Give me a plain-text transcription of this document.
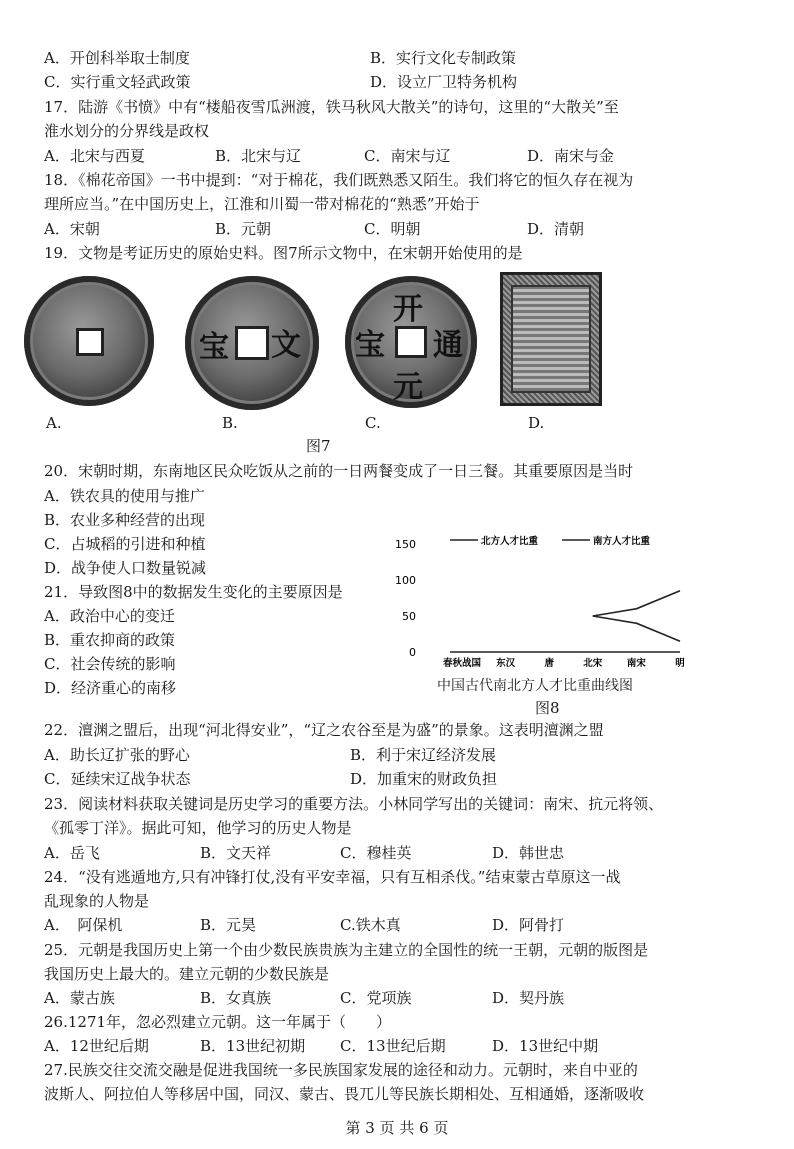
A．开创科举取士制度	B．实行文化专制政策
C．实行重文轻武政策	D．设立厂卫特务机构
17．陆游《书愤》中有“楼船夜雪瓜洲渡，铁马秋风大散关”的诗句，这里的“大散关”至
淮水划分的分界线是政权
A．北宋与西夏	B．北宋与辽	C．南宋与辽	D．南宋与金
18．《棉花帝国》一书中提到：“对于棉花，我们既熟悉又陌生。我们将它的恒久存在视为
理所应当。”在中国历史上，江淮和川蜀一带对棉花的“熟悉”开始于
A．宋朝	B．元朝	C．明朝	D．清朝
19．文物是考证历史的原始史料。图7所示文物中，在宋朝开始使用的是
宝 文
开
通
元
宝
A.	B.	C.	D.
图7
20．宋朝时期，东南地区民众吃饭从之前的一日两餐变成了一日三餐。其重要原因是当时
A．铁农具的使用与推广
B．农业多种经营的出现
C．占城稻的引进和种植
D．战争使人口数量锐减
21．导致图8中的数据发生变化的主要原因是
A．政治中心的变迁
B．重农抑商的政策
C．社会传统的影响
D．经济重心的南移
0
50
100
150	北方人才比重	南方人才比重
春秋战国 东汉	唐	北宋	南宋	明
中国古代南北方人才比重曲线图
图8
22．澶渊之盟后，出现“河北得安业”，“辽之农谷至是为盛”的景象。这表明澶渊之盟
A．助长辽扩张的野心	B．利于宋辽经济发展
C．延续宋辽战争状态	D．加重宋的财政负担
23．阅读材料获取关键词是历史学习的重要方法。小林同学写出的关键词：南宋、抗元将领、
《孤零丁洋》。据此可知，他学习的历史人物是
A．岳飞	B．文天祥	C．穆桂英	D．韩世忠
24．“没有逃遁地方,只有冲锋打仗,没有平安幸福，只有互相杀伐。”结束蒙古草原这一战
乱现象的人物是
A．　阿保机	B．元昊	C.铁木真	D．阿骨打
25．元朝是我国历史上第一个由少数民族贵族为主建立的全国性的统一王朝，元朝的版图是
我国历史上最大的。建立元朝的少数民族是
A．蒙古族	B．女真族	C．党项族	D．契丹族
26.1271年，忽必烈建立元朝。这一年属于（　　）
A．12世纪后期	B．13世纪初期 C．13世纪后期	D．13世纪中期
27.民族交往交流交融是促进我国统一多民族国家发展的途径和动力。元朝时，来自中亚的
波斯人、阿拉伯人等移居中国，同汉、蒙古、畏兀儿等民族长期相处、互相通婚，逐渐吸收
第 3 页 共 6 页
